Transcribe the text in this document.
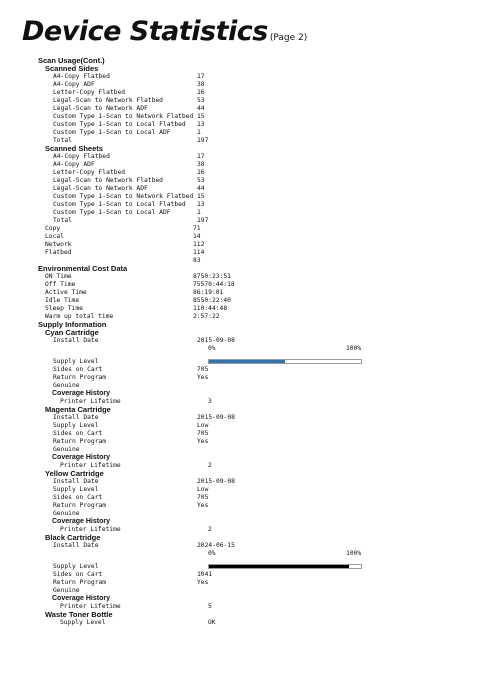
Device Statistics (Page 2)
Scan Usage(Cont.)
Scanned Sides
A4-Copy Flatbed	17
A4-Copy ADF	38
Letter-Copy Flatbed	16
Legal-Scan to Network Flatbed	53
Legal-Scan to Network ADF	44
Custom Type 1-Scan to Network Flatbed 15
Custom Type 1-Scan to Local Flatbed 13
Custom Type 1-Scan to Local ADF	1
Total	197
Scanned Sheets
A4-Copy Flatbed	17
A4-Copy ADF	38
Letter-Copy Flatbed	16
Legal-Scan to Network Flatbed	53
Legal-Scan to Network ADF	44
Custom Type 1-Scan to Network Flatbed 15
Custom Type 1-Scan to Local Flatbed 13
Custom Type 1-Scan to Local ADF	1
Total	197
Copy	71
Local	14
Network	112
Flatbed	114
83
Environmental Cost Data
ON Time	8750:23:51
Off Time	75570:44:18
Active Time	86:19:01
Idle Time	8550:22:40
Sleep Time	110:44:48
Warm up total time	2:57:22
Supply Information
Cyan Cartridge
Install Date	2015-09-08
0%	100%
Supply Level
Sides on Cart	705
Return Program	Yes
Genuine
Coverage History
Printer Lifetime	3
Magenta Cartridge
Install Date	2015-09-08
Supply Level	Low
Sides on Cart	705
Return Program	Yes
Genuine
Coverage History
Printer Lifetime	2
Yellow Cartridge
Install Date	2015-09-08
Supply Level	Low
Sides on Cart	705
Return Program	Yes
Genuine
Coverage History
Printer Lifetime	2
Black Cartridge
Install Date	2024-06-15
0%	100%
Supply Level
Sides on Cart	1041
Return Program	Yes
Genuine
Coverage History
Printer Lifetime	5
Waste Toner Bottle
Supply Level	OK
